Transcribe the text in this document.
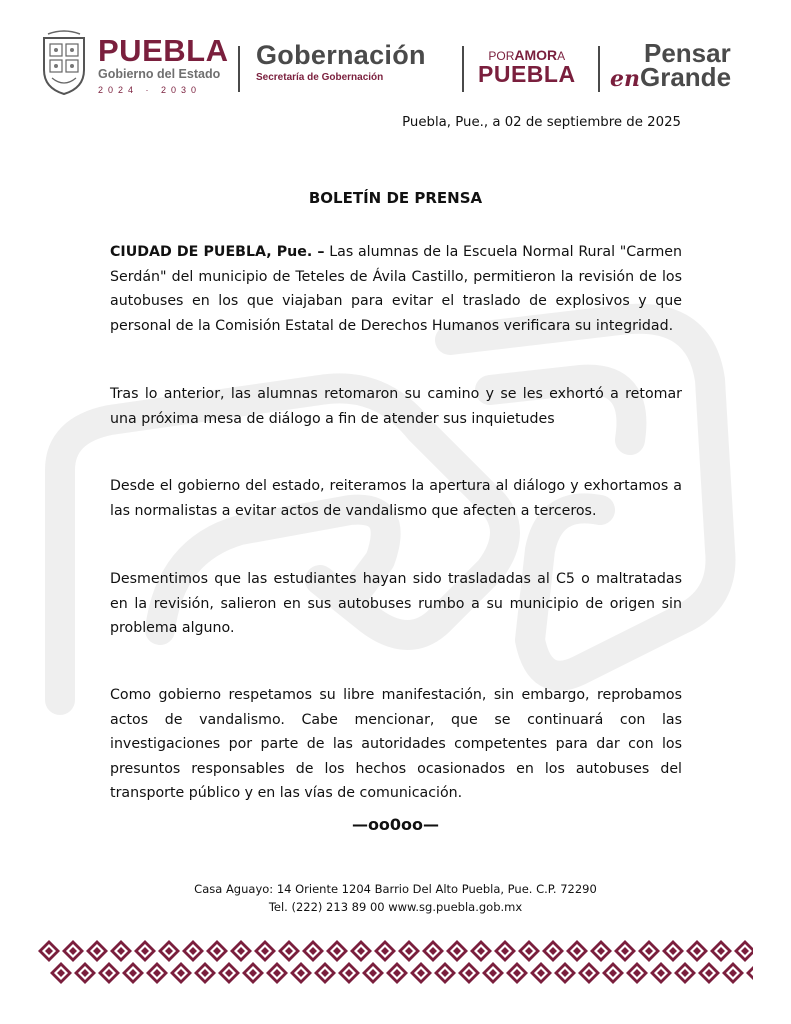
PUEBLA
Gobierno del Estado
2024 · 2030
Gobernación
Secretaría de Gobernación
PORAMORA
PUEBLA
Pensar
enGrande
Puebla, Pue., a 02 de septiembre de 2025
BOLETÍN DE PRENSA

CIUDAD DE PUEBLA, Pue. – Las alumnas de la Escuela Normal Rural "Carmen Serdán" del municipio de Teteles de Ávila Castillo, permitieron la revisión de los autobuses en los que viajaban para evitar el traslado de explosivos y que personal de la Comisión Estatal de Derechos Humanos verificara su integridad.

Tras lo anterior, las alumnas retomaron su camino y se les exhortó a retomar una próxima mesa de diálogo a fin de atender sus inquietudes

Desde el gobierno del estado, reiteramos la apertura al diálogo y exhortamos a las normalistas a evitar actos de vandalismo que afecten a terceros.

Desmentimos que las estudiantes hayan sido trasladadas al C5 o maltratadas en la revisión, salieron en sus autobuses rumbo a su municipio de origen sin problema alguno.

Como gobierno respetamos su libre manifestación, sin embargo, reprobamos actos de vandalismo. Cabe mencionar, que se continuará con las investigaciones por parte de las autoridades competentes para dar con los presuntos responsables de los hechos ocasionados en los autobuses del transporte público y en las vías de comunicación.

—oo0oo—
Casa Aguayo: 14 Oriente 1204 Barrio Del Alto Puebla, Pue. C.P. 72290
Tel. (222) 213 89 00 www.sg.puebla.gob.mx
